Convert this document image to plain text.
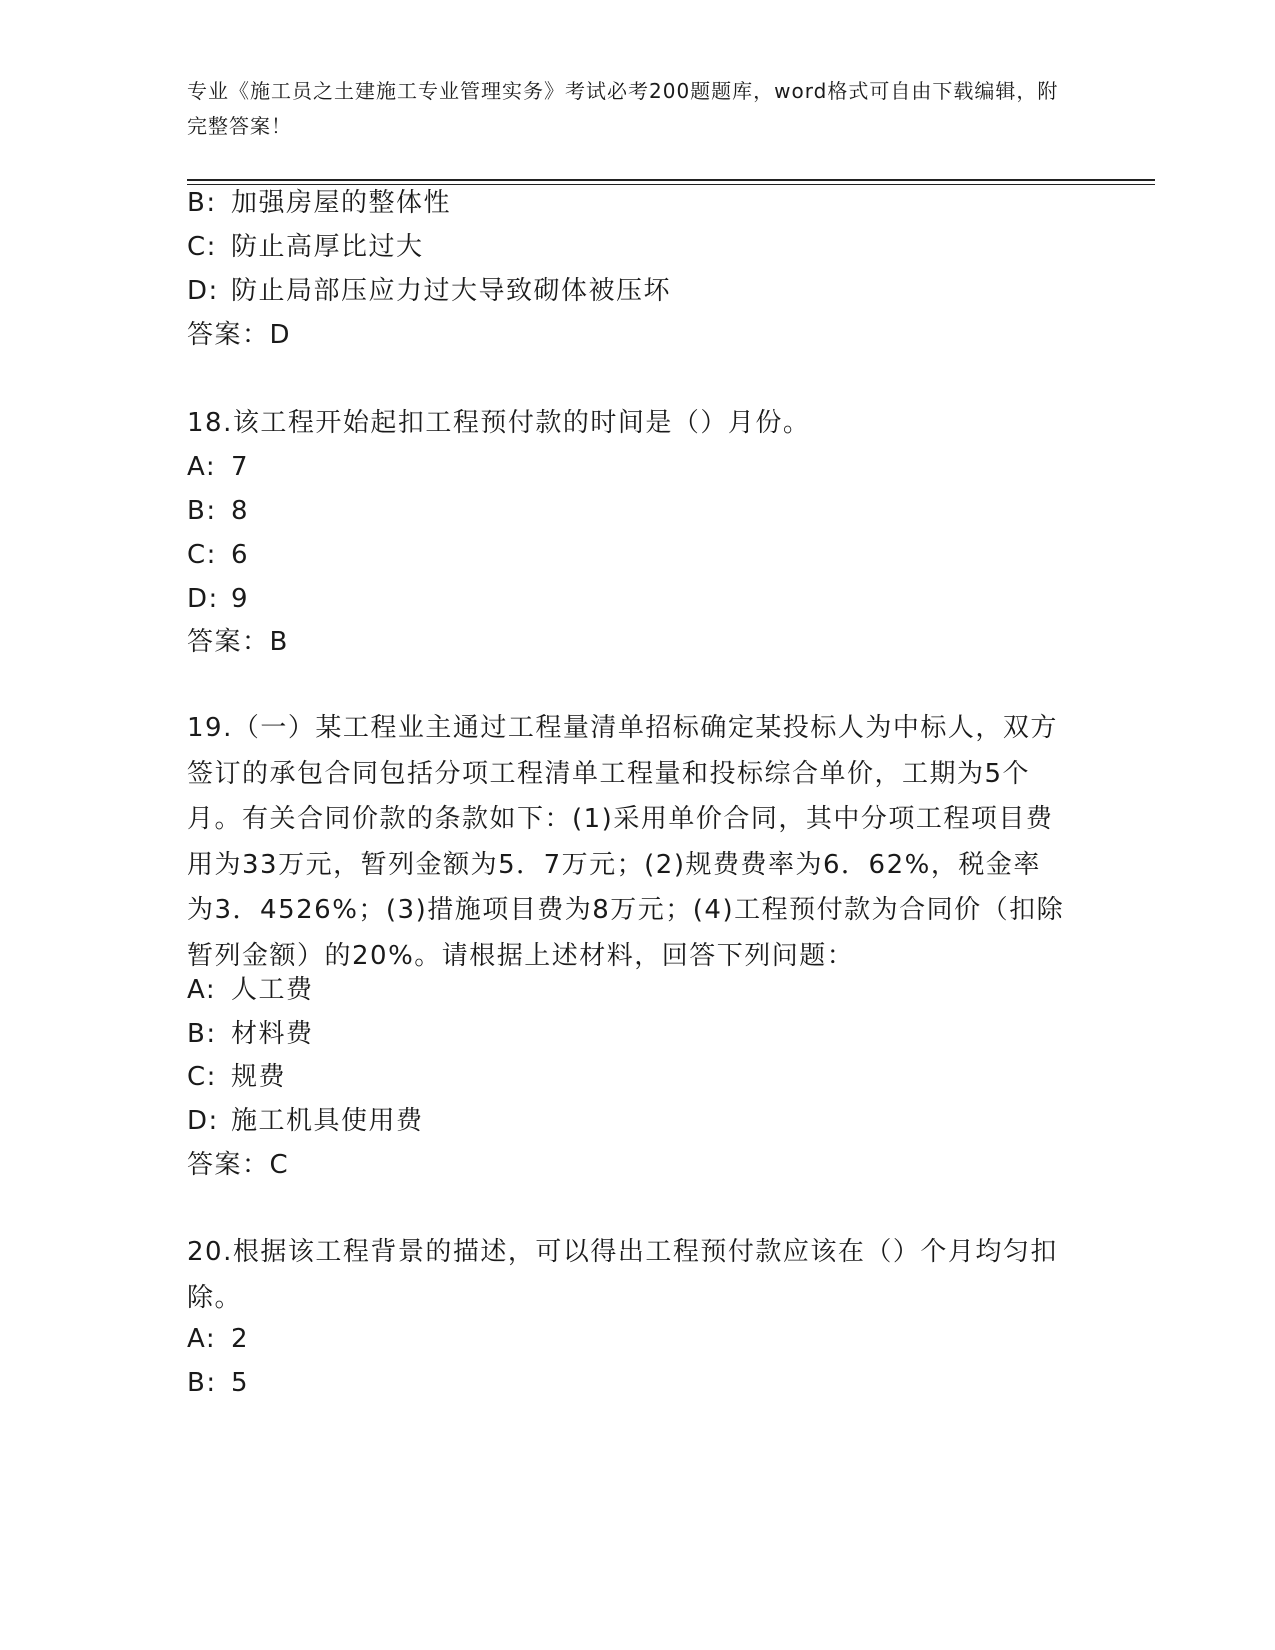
专业《施工员之土建施工专业管理实务》考试必考200题题库，word格式可自由下载编辑，附完整答案！
B: 加强房屋的整体性
C: 防止高厚比过大
D: 防止局部压应力过大导致砌体被压坏
答案：D
18.该工程开始起扣工程预付款的时间是（）月份。
A: 7
B: 8
C: 6
D: 9
答案：B
19.（一）某工程业主通过工程量清单招标确定某投标人为中标人，双方签订的承包合同包括分项工程清单工程量和投标综合单价，工期为5个月。有关合同价款的条款如下：(1)采用单价合同，其中分项工程项目费用为33万元，暂列金额为5．7万元；(2)规费费率为6．62%，税金率为3．4526%；(3)措施项目费为8万元；(4)工程预付款为合同价（扣除暂列金额）的20%。请根据上述材料，回答下列问题：
A: 人工费
B: 材料费
C: 规费
D: 施工机具使用费
答案：C
20.根据该工程背景的描述，可以得出工程预付款应该在（）个月均匀扣除。
A: 2
B: 5
